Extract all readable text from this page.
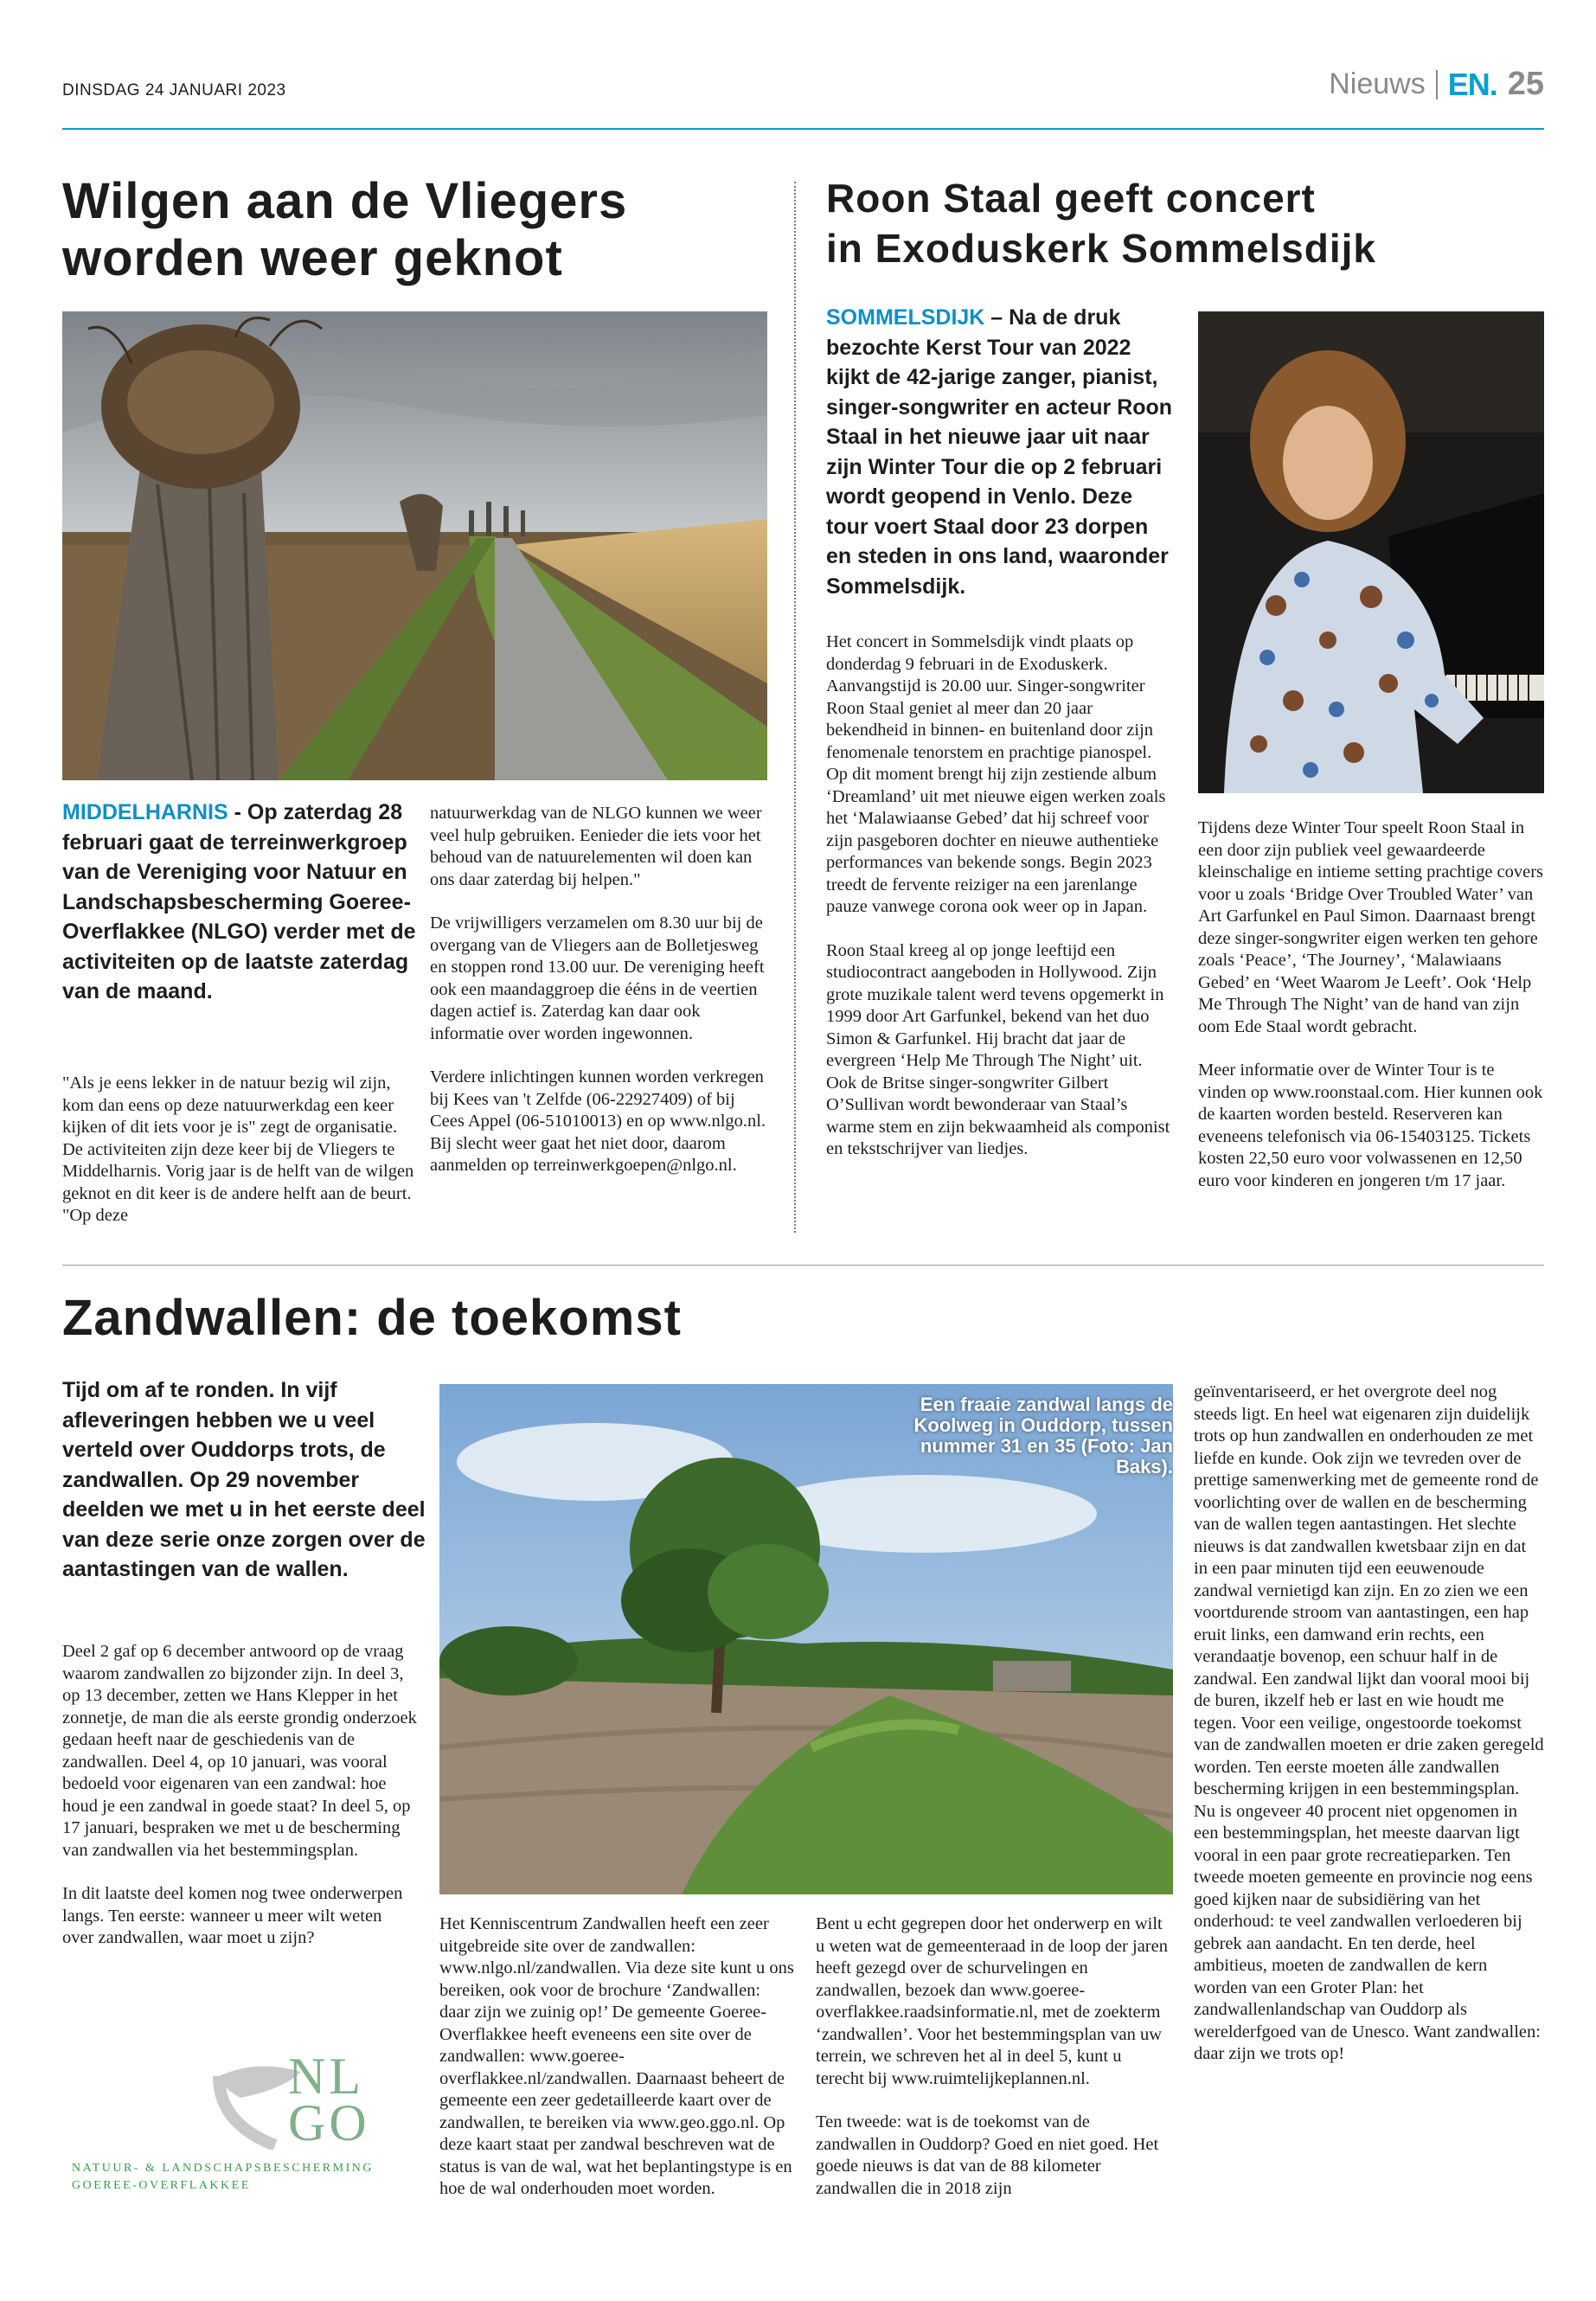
DINSDAG 24 JANUARI 2023	Nieuws EN. 25
Wilgen aan de Vliegers
worden weer geknot
MIDDELHARNIS - Op zaterdag 28 februari gaat de terreinwerkgroep van de Vereniging voor Natuur en Landschapsbescherming Goeree-Overflakkee (NLGO) verder met de activiteiten op de laatste zaterdag van de maand.

"Als je eens lekker in de natuur bezig wil zijn, kom dan eens op deze natuurwerkdag een keer kijken of dit iets voor je is" zegt de organisatie. De activiteiten zijn deze keer bij de Vliegers te Middelharnis. Vorig jaar is de helft van de wilgen geknot en dit keer is de andere helft aan de beurt. "Op deze

natuurwerkdag van de NLGO kunnen we weer veel hulp gebruiken. Eenieder die iets voor het behoud van de natuurelementen wil doen kan ons daar zaterdag bij helpen."

De vrijwilligers verzamelen om 8.30 uur bij de overgang van de Vliegers aan de Bolletjesweg en stoppen rond 13.00 uur. De vereniging heeft ook een maandaggroep die ééns in de veertien dagen actief is. Zaterdag kan daar ook informatie over worden ingewonnen.

Verdere inlichtingen kunnen worden verkregen bij Kees van 't Zelfde (06-22927409) of bij Cees Appel (06-51010013) en op www.nlgo.nl. Bij slecht weer gaat het niet door, daarom aanmelden op terreinwerkgoepen@nlgo.nl.

Roon Staal geeft concert
in Exoduskerk Sommelsdijk
SOMMELSDIJK – Na de druk bezochte Kerst Tour van 2022 kijkt de 42-jarige zanger, pianist, singer-songwriter en acteur Roon Staal in het nieuwe jaar uit naar zijn Winter Tour die op 2 februari wordt geopend in Venlo. Deze tour voert Staal door 23 dorpen en steden in ons land, waaronder Sommelsdijk.

Het concert in Sommelsdijk vindt plaats op donderdag 9 februari in de Exoduskerk. Aanvangstijd is 20.00 uur. Singer-songwriter Roon Staal geniet al meer dan 20 jaar bekendheid in binnen- en buitenland door zijn fenomenale tenorstem en prachtige pianospel. Op dit moment brengt hij zijn zestiende album ‘Dreamland’ uit met nieuwe eigen werken zoals het ‘Malawiaanse Gebed’ dat hij schreef voor zijn pasgeboren dochter en nieuwe authentieke performances van bekende songs. Begin 2023 treedt de fervente reiziger na een jarenlange pauze vanwege corona ook weer op in Japan.

Roon Staal kreeg al op jonge leeftijd een studiocontract aangeboden in Hollywood. Zijn grote muzikale talent werd tevens opgemerkt in 1999 door Art Garfunkel, bekend van het duo Simon & Garfunkel. Hij bracht dat jaar de evergreen ‘Help Me Through The Night’ uit. Ook de Britse singer-songwriter Gilbert O’Sullivan wordt bewonderaar van Staal’s warme stem en zijn bekwaamheid als componist en tekstschrijver van liedjes.

Tijdens deze Winter Tour speelt Roon Staal in een door zijn publiek veel gewaardeerde kleinschalige en intieme setting prachtige covers voor u zoals ‘Bridge Over Troubled Water’ van Art Garfunkel en Paul Simon. Daarnaast brengt deze singer-songwriter eigen werken ten gehore zoals ‘Peace’, ‘The Journey’, ‘Malawiaans Gebed’ en ‘Weet Waarom Je Leeft’. Ook ‘Help Me Through The Night’ van de hand van zijn oom Ede Staal wordt gebracht.

Meer informatie over de Winter Tour is te vinden op www.roonstaal.com. Hier kunnen ook de kaarten worden besteld. Reserveren kan eveneens telefonisch via 06-15403125. Tickets kosten 22,50 euro voor volwassenen en 12,50 euro voor kinderen en jongeren t/m 17 jaar.

Zandwallen: de toekomst
Tijd om af te ronden. In vijf afleveringen hebben we u veel verteld over Ouddorps trots, de zandwallen. Op 29 november deelden we met u in het eerste deel van deze serie onze zorgen over de aantastingen van de wallen.

Deel 2 gaf op 6 december antwoord op de vraag waarom zandwallen zo bijzonder zijn. In deel 3, op 13 december, zetten we Hans Klepper in het zonnetje, de man die als eerste grondig onderzoek gedaan heeft naar de geschiedenis van de zandwallen. Deel 4, op 10 januari, was vooral bedoeld voor eigenaren van een zandwal: hoe houd je een zandwal in goede staat? In deel 5, op 17 januari, bespraken we met u de bescherming van zandwallen via het bestemmingsplan.

In dit laatste deel komen nog twee onderwerpen langs. Ten eerste: wanneer u meer wilt weten over zandwallen, waar moet u zijn?

Een fraaie zandwal langs de Koolweg in Ouddorp, tussen nummer 31 en 35 (Foto: Jan Baks).

Het Kenniscentrum Zandwallen heeft een zeer uitgebreide site over de zandwallen: www.nlgo.nl/zandwallen. Via deze site kunt u ons bereiken, ook voor de brochure ‘Zandwallen: daar zijn we zuinig op!’ De gemeente Goeree-Overflakkee heeft eveneens een site over de zandwallen: www.goeree-overflakkee.nl/zandwallen. Daarnaast beheert de gemeente een zeer gedetailleerde kaart over de zandwallen, te bereiken via www.geo.ggo.nl. Op deze kaart staat per zandwal beschreven wat de status is van de wal, wat het beplantingstype is en hoe de wal onderhouden moet worden.

Bent u echt gegrepen door het onderwerp en wilt u weten wat de gemeenteraad in de loop der jaren heeft gezegd over de schurvelingen en zandwallen, bezoek dan www.goeree-overflakkee.raadsinformatie.nl, met de zoekterm ‘zandwallen’. Voor het bestemmingsplan van uw terrein, we schreven het al in deel 5, kunt u terecht bij www.ruimtelijkeplannen.nl.

Ten tweede: wat is de toekomst van de zandwallen in Ouddorp? Goed en niet goed. Het goede nieuws is dat van de 88 kilometer zandwallen die in 2018 zijn

geïnventariseerd, er het overgrote deel nog steeds ligt. En heel wat eigenaren zijn duidelijk trots op hun zandwallen en onderhouden ze met liefde en kunde. Ook zijn we tevreden over de prettige samenwerking met de gemeente rond de voorlichting over de wallen en de bescherming van de wallen tegen aantastingen. Het slechte nieuws is dat zandwallen kwetsbaar zijn en dat in een paar minuten tijd een eeuwenoude zandwal vernietigd kan zijn. En zo zien we een voortdurende stroom van aantastingen, een hap eruit links, een damwand erin rechts, een verandaatje bovenop, een schuur half in de zandwal. Een zandwal lijkt dan vooral mooi bij de buren, ikzelf heb er last en wie houdt me tegen. Voor een veilige, ongestoorde toekomst van de zandwallen moeten er drie zaken geregeld worden. Ten eerste moeten álle zandwallen bescherming krijgen in een bestemmingsplan. Nu is ongeveer 40 procent niet opgenomen in een bestemmingsplan, het meeste daarvan ligt vooral in een paar grote recreatieparken. Ten tweede moeten gemeente en provincie nog eens goed kijken naar de subsidiëring van het onderhoud: te veel zandwallen verloederen bij gebrek aan aandacht. En ten derde, heel ambitieus, moeten de zandwallen de kern worden van een Groter Plan: het zandwallenlandschap van Ouddorp als werelderfgoed van de Unesco. Want zandwallen: daar zijn we trots op!

NL
GO
NATUUR- & LANDSCHAPSBESCHERMING
GOEREE-OVERFLAKKEE
